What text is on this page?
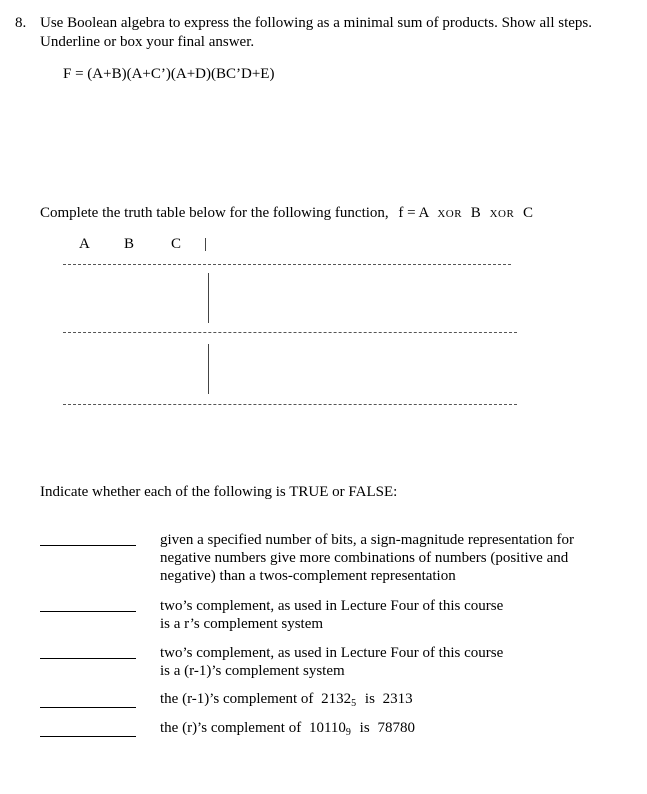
8. Use Boolean algebra to express the following as a minimal sum of products. Show all steps.
Underline or box your final answer.
F = (A+B)(A+C’)(A+D)(BC’D+E)
Complete the truth table below for the following function, f = A XOR B XOR C
A B C |
Indicate whether each of the following is TRUE or FALSE:
given a specified number of bits, a sign-magnitude representation for negative numbers give more combinations of numbers (positive and negative) than a twos-complement representation
two’s complement, as used in Lecture Four of this course
is a r’s complement system
two’s complement, as used in Lecture Four of this course
is a (r-1)’s complement system
the (r-1)’s complement of $2132_5$ is 2313
the (r)’s complement of $10110_9$ is 78780
